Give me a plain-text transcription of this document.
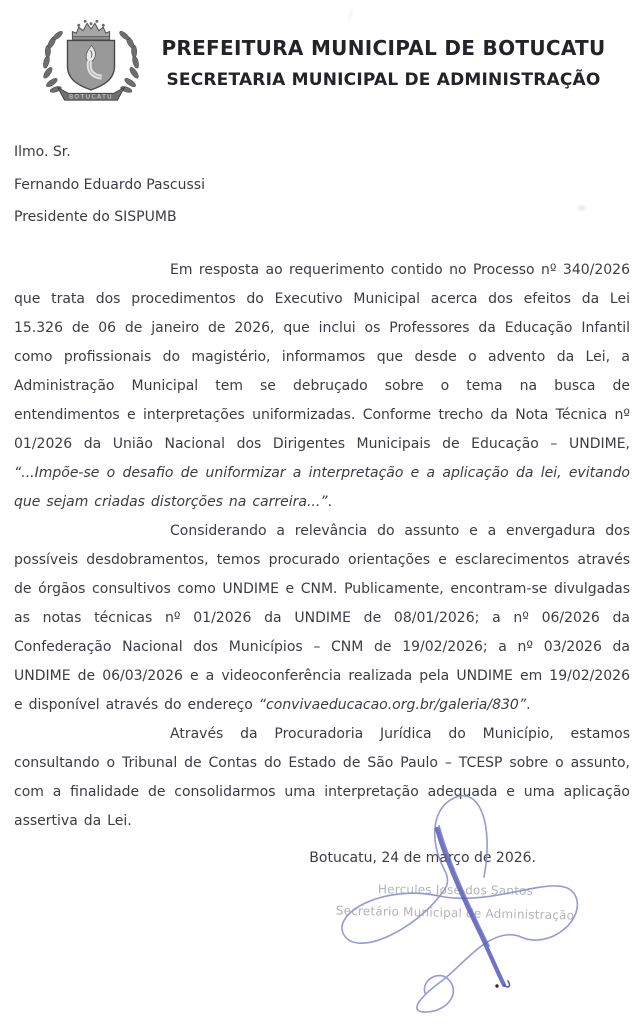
BOTUCATU
PREFEITURA MUNICIPAL DE BOTUCATU
SECRETARIA MUNICIPAL DE ADMINISTRAÇÃO
Ilmo. Sr.
Fernando Eduardo Pascussi
Presidente do SISPUMB

Em resposta ao requerimento contido no Processo nº 340/2026 que trata dos procedimentos do Executivo Municipal acerca dos efeitos da Lei 15.326 de 06 de janeiro de 2026, que inclui os Professores da Educação Infantil como profissionais do magistério, informamos que desde o advento da Lei, a Administração Municipal tem se debruçado sobre o tema na busca de entendimentos e interpretações uniformizadas. Conforme trecho da Nota Técnica nº 01/2026 da União Nacional dos Dirigentes Municipais de Educação – UNDIME, “...Impõe-se o desafio de uniformizar a interpretação e a aplicação da lei, evitando que sejam criadas distorções na carreira...”.

Considerando a relevância do assunto e a envergadura dos possíveis desdobramentos, temos procurado orientações e esclarecimentos através de órgãos consultivos como UNDIME e CNM. Publicamente, encontram-se divulgadas as notas técnicas nº 01/2026 da UNDIME de 08/01/2026; a nº 06/2026 da Confederação Nacional dos Municípios – CNM de 19/02/2026; a nº 03/2026 da UNDIME de 06/03/2026 e a videoconferência realizada pela UNDIME em 19/02/2026 e disponível através do endereço “convivaeducacao.org.br/galeria/830”.

Através da Procuradoria Jurídica do Município, estamos consultando o Tribunal de Contas do Estado de São Paulo – TCESP sobre o assunto, com a finalidade de consolidarmos uma interpretação adequada e uma aplicação assertiva da Lei.

Botucatu, 24 de março de 2026.

Hercules José dos Santos
Secretário Municipal de Administração
